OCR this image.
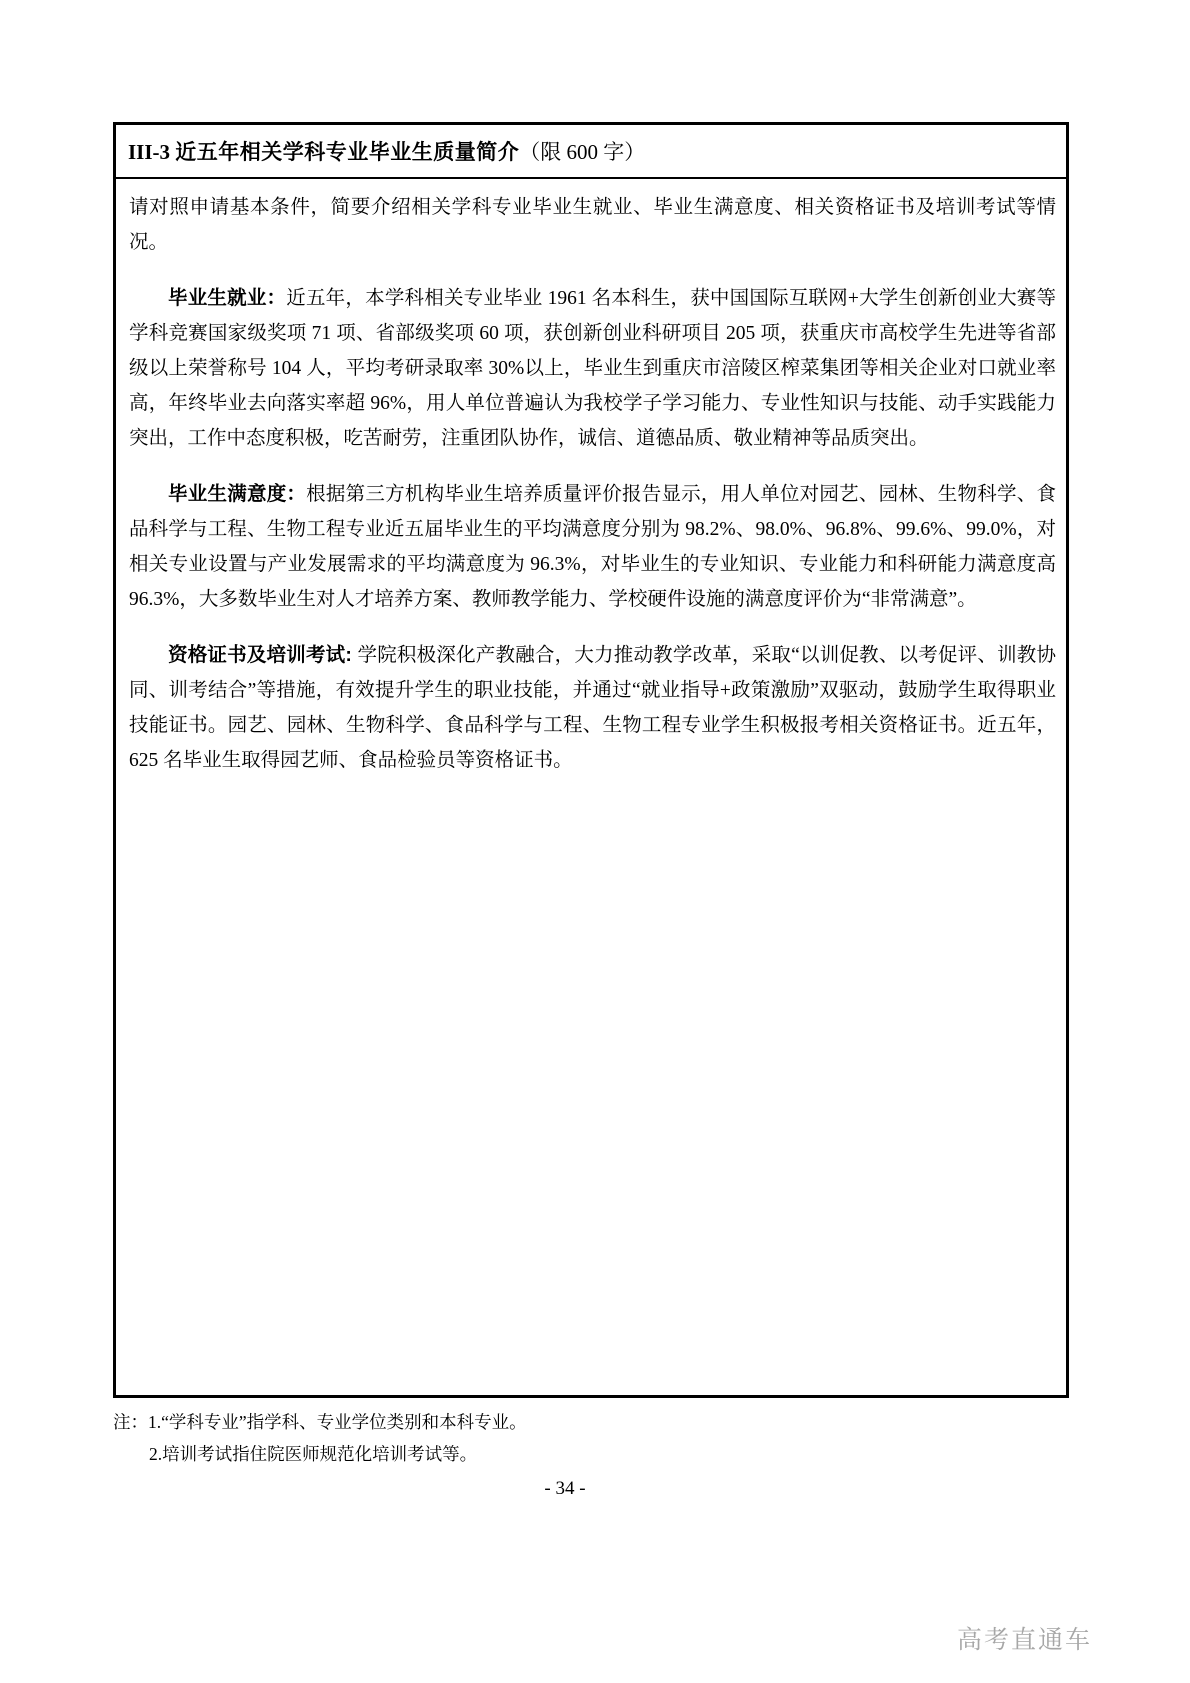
III-3 近五年相关学科专业毕业生质量简介（限 600 字）

请对照申请基本条件，简要介绍相关学科专业毕业生就业、毕业生满意度、相关资格证书及培训考试等情况。

毕业生就业：近五年，本学科相关专业毕业 1961 名本科生，获中国国际互联网+大学生创新创业大赛等学科竞赛国家级奖项 71 项、省部级奖项 60 项，获创新创业科研项目 205 项，获重庆市高校学生先进等省部级以上荣誉称号 104 人，平均考研录取率 30%以上，毕业生到重庆市涪陵区榨菜集团等相关企业对口就业率高，年终毕业去向落实率超 96%，用人单位普遍认为我校学子学习能力、专业性知识与技能、动手实践能力突出，工作中态度积极，吃苦耐劳，注重团队协作，诚信、道德品质、敬业精神等品质突出。

毕业生满意度：根据第三方机构毕业生培养质量评价报告显示，用人单位对园艺、园林、生物科学、食品科学与工程、生物工程专业近五届毕业生的平均满意度分别为 98.2%、98.0%、96.8%、99.6%、99.0%，对相关专业设置与产业发展需求的平均满意度为 96.3%，对毕业生的专业知识、专业能力和科研能力满意度高 96.3%，大多数毕业生对人才培养方案、教师教学能力、学校硬件设施的满意度评价为“非常满意”。

资格证书及培训考试: 学院积极深化产教融合，大力推动教学改革，采取“以训促教、以考促评、训教协同、训考结合”等措施，有效提升学生的职业技能，并通过“就业指导+政策激励”双驱动，鼓励学生取得职业技能证书。园艺、园林、生物科学、食品科学与工程、生物工程专业学生积极报考相关资格证书。近五年，625 名毕业生取得园艺师、食品检验员等资格证书。

注：1.“学科专业”指学科、专业学位类别和本科专业。
2.培训考试指住院医师规范化培训考试等。
- 34 -
高考直通车
